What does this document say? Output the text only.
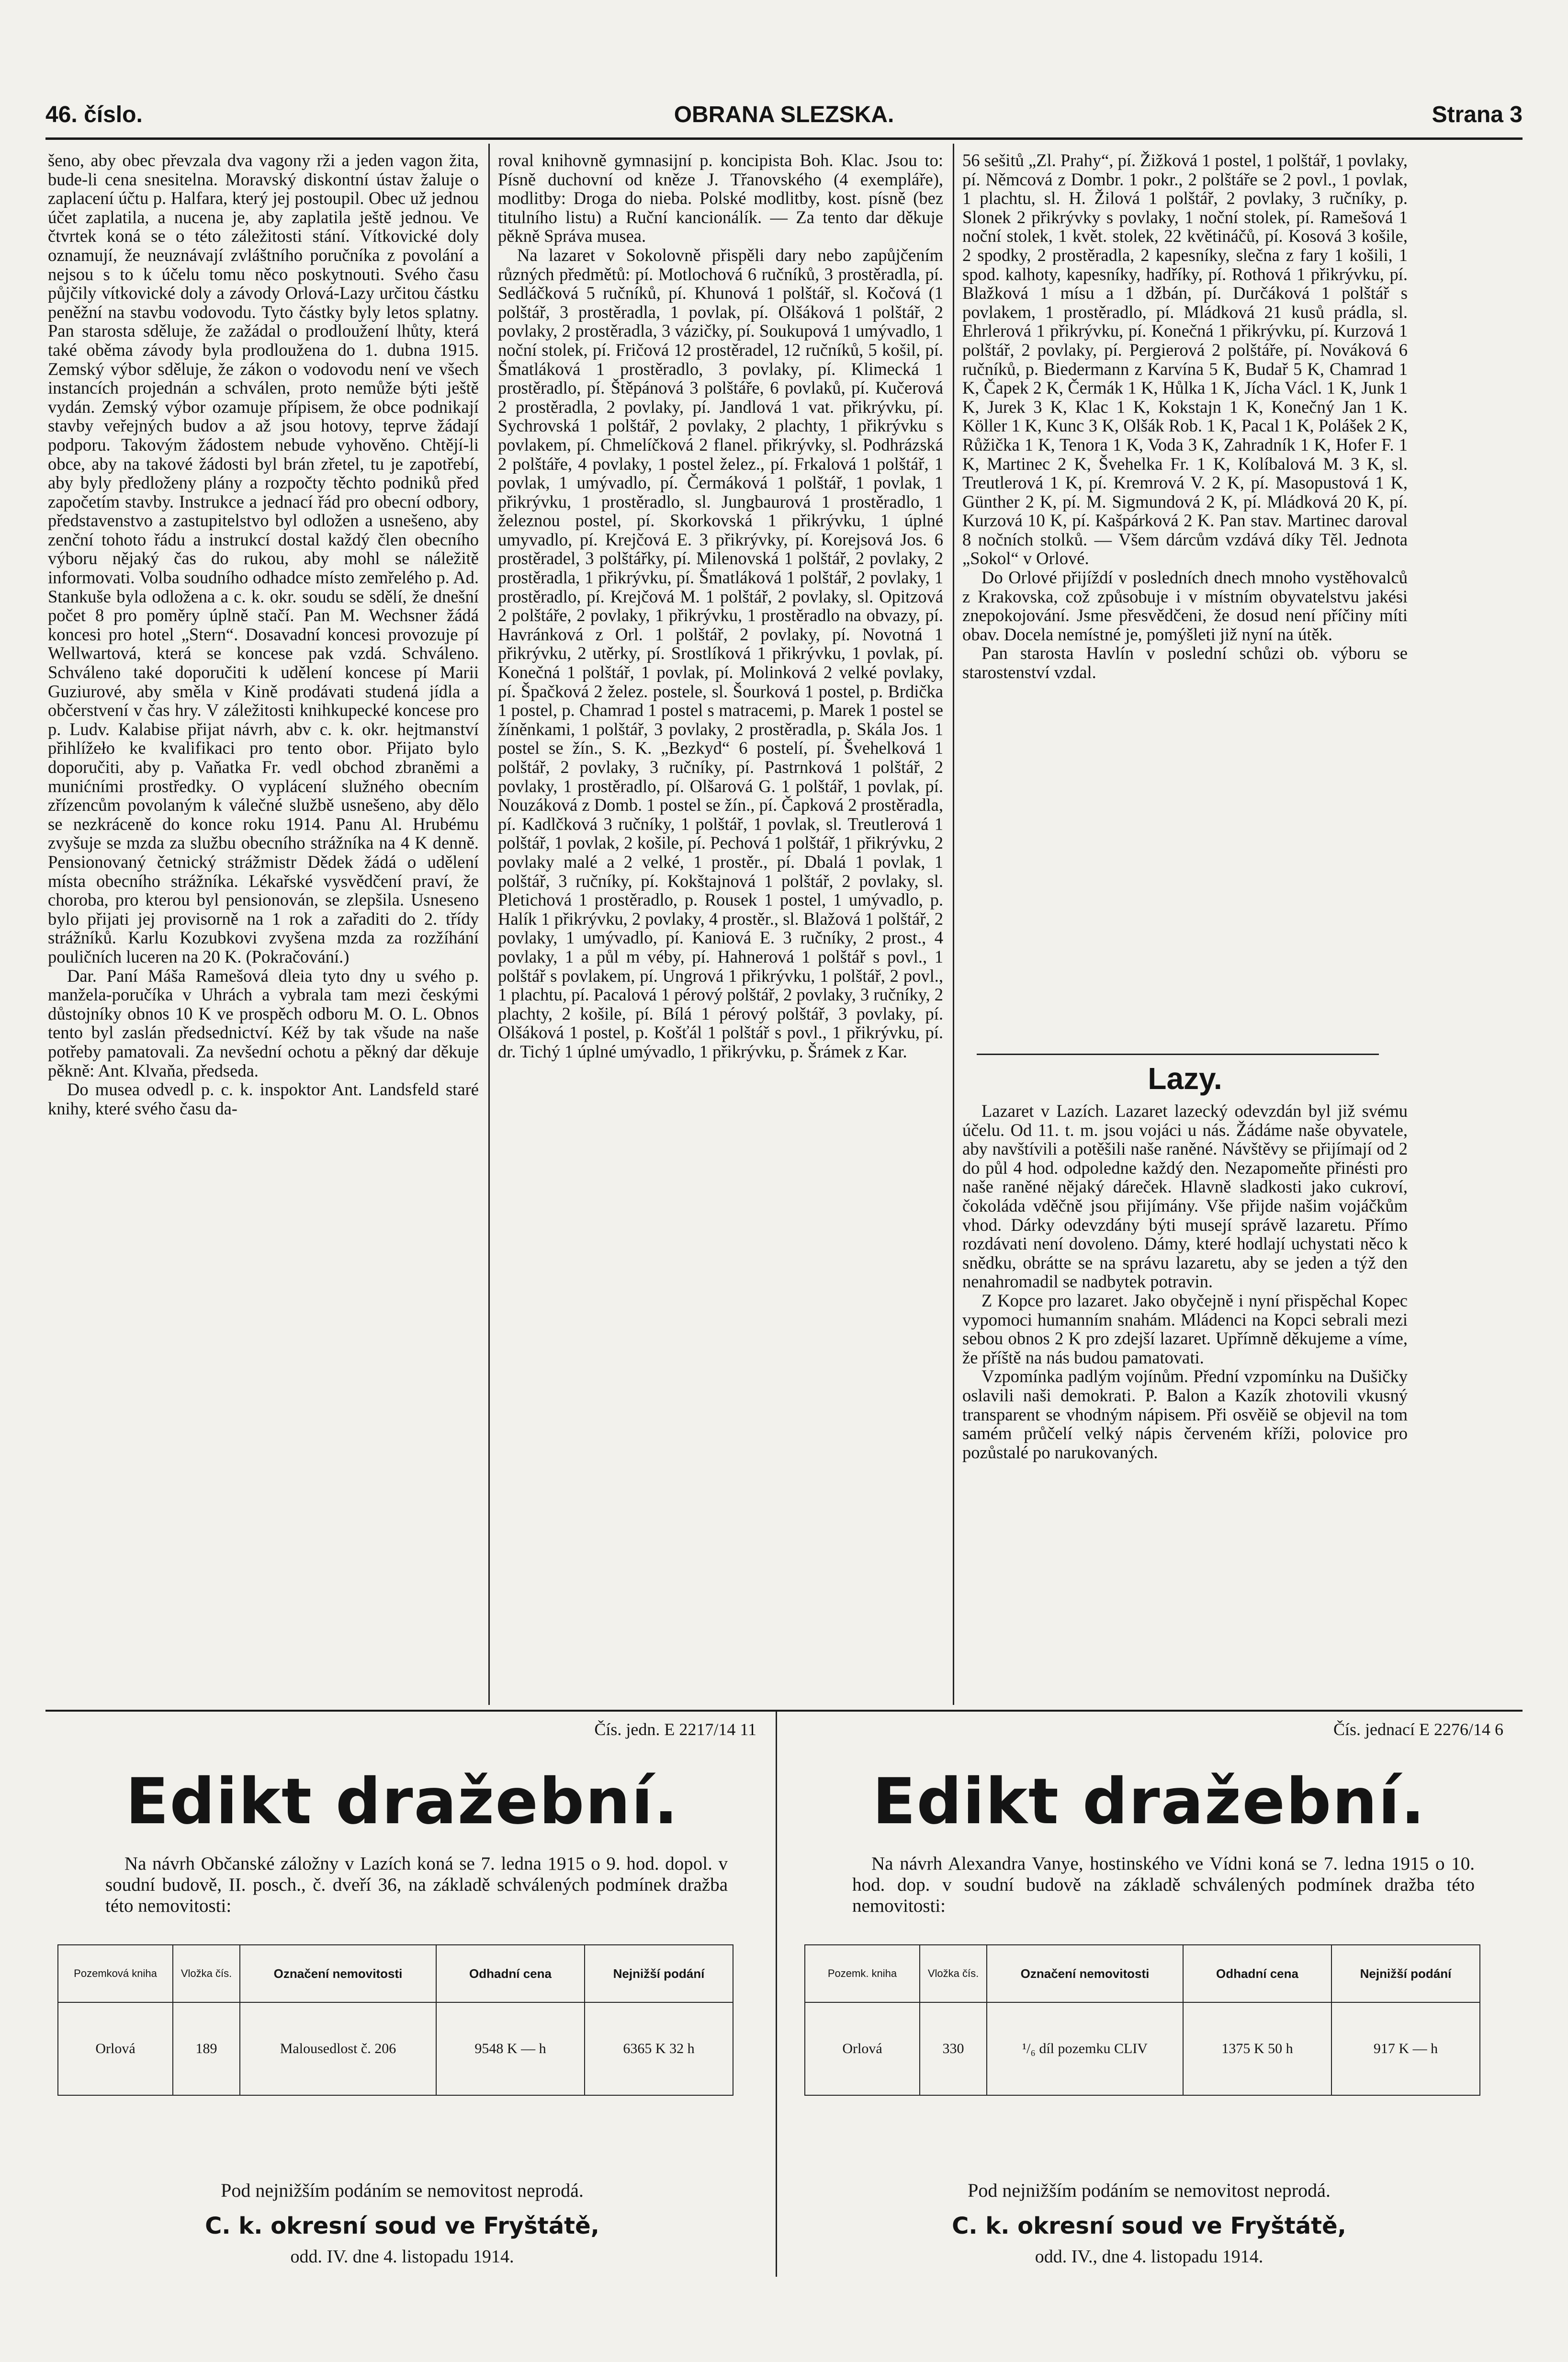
46. číslo.	OBRANA SLEZSKA.	Strana 3

šeno, aby obec převzala dva vagony rži a jeden vagon žita, bude-li cena snesitelna. Moravský diskontní ústav žaluje o zaplacení účtu p. Halfara, který jej postoupil. Obec už jednou účet zaplatila, a nucena je, aby zaplatila ještě jednou. Ve čtvrtek koná se o této záležitosti stání. Vítkovické doly oznamují, že neuznávají zvláštního poručníka z povolání a nejsou s to k účelu tomu něco poskytnouti. Svého času půjčily vítkovické doly a závody Orlová-Lazy určitou částku peněžní na stavbu vodovodu. Tyto částky byly letos splatny. Pan starosta sděluje, že zažádal o prodloužení lhůty, která také oběma závody byla prodloužena do 1. dubna 1915. Zemský výbor sděluje, že zákon o vodovodu není ve všech instancích projednán a schválen, proto nemůže býti ještě vydán. Zemský výbor ozamuje přípisem, že obce podnikají stavby veřejných budov a až jsou hotovy, teprve žádají podporu. Takovým žádostem nebude vyhověno. Chtějí-li obce, aby na takové žádosti byl brán zřetel, tu je zapotřebí, aby byly předloženy plány a rozpočty těchto podniků před započetím stavby. Instrukce a jednací řád pro obecní odbory, představenstvo a zastupitelstvo byl odložen a usnešeno, aby zenční tohoto řádu a instrukcí dostal každý člen obecního výboru nějaký čas do rukou, aby mohl se náležitě informovati. Volba soudního odhadce místo zemřelého p. Ad. Stankuše byla odložena a c. k. okr. soudu se sdělí, že dnešní počet 8 pro poměry úplně stačí. Pan M. Wechsner žádá koncesi pro hotel „Stern“. Dosavadní koncesi provozuje pí Wellwartová, která se koncese pak vzdá. Schváleno. Schváleno také doporučiti k udělení koncese pí Marii Guziurové, aby směla v Kině prodávati studená jídla a občerstvení v čas hry. V záležitosti knihkupecké koncese pro p. Ludv. Kalabise přijat návrh, abv c. k. okr. hejtmanství přihlížeło ke kvalifikaci pro tento obor. Přijato bylo doporučiti, aby p. Vaňatka Fr. vedl obchod zbraněmi a munićními prostředky. O vyplácení služného obecním zřízencům povolaným k válečné službě usnešeno, aby dělo se nezkráceně do konce roku 1914. Panu Al. Hrubému zvyšuje se mzda za službu obecního strážníka na 4 K denně. Pensionovaný četnický strážmistr Dědek žádá o udělení místa obecního strážníka. Lékařské vysvědčení praví, že choroba, pro kterou byl pensionován, se zlepšila. Usneseno bylo přijati jej provisorně na 1 rok a zařaditi do 2. třídy strážníků. Karlu Kozubkovi zvyšena mzda za rozžíhání pouličních luceren na 20 K. (Pokračování.)

Dar. Paní Máša Ramešová dleia tyto dny u svého p. manžela-poručíka v Uhrách a vybrala tam mezi českými důstojníky obnos 10 K ve prospěch odboru M. O. L. Obnos tento byl zaslán předsednictví. Kéž by tak všude na naše potřeby pamatovali. Za nevšední ochotu a pěkný dar děkuje pěkně: Ant. Klvaňa, předseda.

Do musea odvedl p. c. k. inspoktor Ant. Landsfeld staré knihy, které svého času da-

roval knihovně gymnasijní p. koncipista Boh. Klac. Jsou to: Písně duchovní od kněze J. Třanovského (4 exempláře), modlitby: Droga do nieba. Polské modlitby, kost. písně (bez titulního listu) a Ruční kancionálík. — Za tento dar děkuje pěkně Správa musea.

Na lazaret v Sokolovně přispěli dary nebo zapůjčením různých předmětů: pí. Motlochová 6 ručníků, 3 prostěradla, pí. Sedláčková 5 ručníků, pí. Khunová 1 polštář, sl. Kočová (1 polštář, 3 prostěradla, 1 povlak, pí. Olšáková 1 polštář, 2 povlaky, 2 prostěradla, 3 vázičky, pí. Soukupová 1 umývadlo, 1 noční stolek, pí. Fričová 12 prostěradel, 12 ručníků, 5 košil, pí. Šmatláková 1 prostěradlo, 3 povlaky, pí. Klimecká 1 prostěradlo, pí. Štěpánová 3 polštáře, 6 povlaků, pí. Kučerová 2 prostěradla, 2 povlaky, pí. Jandlová 1 vat. přikrývku, pí. Sychrovská 1 polštář, 2 povlaky, 2 plachty, 1 přikrývku s povlakem, pí. Chmelíčková 2 flanel. přikrývky, sl. Podhrázská 2 polštáře, 4 povlaky, 1 postel želez., pí. Frkalová 1 polštář, 1 povlak, 1 umývadlo, pí. Čermáková 1 polštář, 1 povlak, 1 přikrývku, 1 prostěradlo, sl. Jungbaurová 1 prostěradlo, 1 železnou postel, pí. Skorkovská 1 přikrývku, 1 úplné umyvadlo, pí. Krejčová E. 3 přikrývky, pí. Korejsová Jos. 6 prostěradel, 3 polštářky, pí. Milenovská 1 polštář, 2 povlaky, 2 prostěradla, 1 přikrývku, pí. Šmatláková 1 polštář, 2 povlaky, 1 prostěradlo, pí. Krejčová M. 1 polštář, 2 povlaky, sl. Opitzová 2 polštáře, 2 povlaky, 1 přikrývku, 1 prostěradlo na obvazy, pí. Havránková z Orl. 1 polštář, 2 povlaky, pí. Novotná 1 přikrývku, 2 utěrky, pí. Srostlíková 1 přikrývku, 1 povlak, pí. Konečná 1 polštář, 1 povlak, pí. Molinková 2 velké povlaky, pí. Špačková 2 želez. postele, sl. Šourková 1 postel, p. Brdička 1 postel, p. Chamrad 1 postel s matracemi, p. Marek 1 postel se žíněnkami, 1 polštář, 3 povlaky, 2 prostěradla, p. Skála Jos. 1 postel se žín., S. K. „Bezkyd“ 6 postelí, pí. Švehelková 1 polštář, 2 povlaky, 3 ručníky, pí. Pastrnková 1 polštář, 2 povlaky, 1 prostěradlo, pí. Olšarová G. 1 polštář, 1 povlak, pí. Nouzáková z Domb. 1 postel se žín., pí. Čapková 2 prostěradla, pí. Kadlčková 3 ručníky, 1 polštář, 1 povlak, sl. Treutlerová 1 polštář, 1 povlak, 2 košile, pí. Pechová 1 polštář, 1 přikrývku, 2 povlaky malé a 2 velké, 1 prostěr., pí. Dbalá 1 povlak, 1 polštář, 3 ručníky, pí. Kokštajnová 1 polštář, 2 povlaky, sl. Pletichová 1 prostěradlo, p. Rousek 1 postel, 1 umývadlo, p. Halík 1 přikrývku, 2 povlaky, 4 prostěr., sl. Blažová 1 polštář, 2 povlaky, 1 umývadlo, pí. Kaniová E. 3 ručníky, 2 prost., 4 povlaky, 1 a půl m véby, pí. Hahnerová 1 polštář s povl., 1 polštář s povlakem, pí. Ungrová 1 přikrývku, 1 polštář, 2 povl., 1 plachtu, pí. Pacalová 1 pérový polštář, 2 povlaky, 3 ručníky, 2 plachty, 2 košile, pí. Bílá 1 pérový polštář, 3 povlaky, pí. Olšáková 1 postel, p. Košťál 1 polštář s povl., 1 přikrývku, pí. dr. Tichý 1 úplné umývadlo, 1 přikrývku, p. Šrámek z Kar.

56 sešitů „Zl. Prahy“, pí. Žižková 1 postel, 1 polštář, 1 povlaky, pí. Němcová z Dombr. 1 pokr., 2 polštáře se 2 povl., 1 povlak, 1 plachtu, sl. H. Žilová 1 polštář, 2 povlaky, 3 ručníky, p. Slonek 2 přikrývky s povlaky, 1 noční stolek, pí. Ramešová 1 noční stolek, 1 květ. stolek, 22 květináčů, pí. Kosová 3 košile, 2 spodky, 2 prostěradla, 2 kapesníky, slečna z fary 1 košili, 1 spod. kalhoty, kapesníky, hadříky, pí. Rothová 1 přikrývku, pí. Blažková 1 mísu a 1 džbán, pí. Durčáková 1 polštář s povlakem, 1 prostěradlo, pí. Mládková 21 kusů prádla, sl. Ehrlerová 1 přikrývku, pí. Konečná 1 přikrývku, pí. Kurzová 1 polštář, 2 povlaky, pí. Pergierová 2 polštáře, pí. Nováková 6 ručníků, p. Biedermann z Karvína 5 K, Budař 5 K, Chamrad 1 K, Čapek 2 K, Čermák 1 K, Hůlka 1 K, Jícha Václ. 1 K, Junk 1 K, Jurek 3 K, Klac 1 K, Kokstajn 1 K, Konečný Jan 1 K. Köller 1 K, Kunc 3 K, Olšák Rob. 1 K, Pacal 1 K, Polášek 2 K, Růžička 1 K, Tenora 1 K, Voda 3 K, Zahradník 1 K, Hofer F. 1 K, Martinec 2 K, Švehelka Fr. 1 K, Kolíbalová M. 3 K, sl. Treutlerová 1 K, pí. Kremrová V. 2 K, pí. Masopustová 1 K, Günther 2 K, pí. M. Sigmundová 2 K, pí. Mládková 20 K, pí. Kurzová 10 K, pí. Kašpárková 2 K. Pan stav. Martinec daroval 8 nočních stolků. — Všem dárcům vzdává díky Těl. Jednota „Sokol“ v Orlové.

Do Orlové přijíždí v posledních dnech mnoho vystěhovalců z Krakovska, což způsobuje i v místním obyvatelstvu jakési znepokojování. Jsme přesvědčeni, že dosud není příčiny míti obav. Docela nemístné je, pomýšleti již nyní na útěk.

Pan starosta Havlín v poslední schůzi ob. výboru se starostenství vzdal.

Lazy.

Lazaret v Lazích. Lazaret lazecký odevzdán byl již svému účelu. Od 11. t. m. jsou vojáci u nás. Žádáme naše obyvatele, aby navštívili a potěšili naše raněné. Návštěvy se přijímají od 2 do půl 4 hod. odpoledne každý den. Nezapomeňte přinésti pro naše raněné nějaký dáreček. Hlavně sladkosti jako cukroví, čokoláda vděčně jsou přijímány. Vše přijde našim vojáčkům vhod. Dárky odevzdány býti musejí správě lazaretu. Přímo rozdávati není dovoleno. Dámy, které hodlají uchystati něco k snědku, obrátte se na správu lazaretu, aby se jeden a týž den nenahromadil se nadbytek potravin.

Z Kopce pro lazaret. Jako obyčejně i nyní přispěchal Kopec vypomoci humanním snahám. Mládenci na Kopci sebrali mezi sebou obnos 2 K pro zdejší lazaret. Upřímně děkujeme a víme, že příště na nás budou pamatovati.

Vzpomínka padlým vojínům. Přední vzpomínku na Dušičky oslavili naši demokrati. P. Balon a Kazík zhotovili vkusný transparent se vhodným nápisem. Při osvěiě se objevil na tom samém průčelí velký nápis červeném kříži, polovice pro pozůstalé po narukovaných.

Čís. jedn. E 2217/14 11
Edikt dražební.

Na návrh Občanské záložny v Lazích koná se 7. ledna 1915 o 9. hod. dopol. v soudní budově, II. posch., č. dveří 36, na základě schválených podmínek dražba této nemovitosti:

Pozemková kniha	Vložka čís.	Označení nemovitosti	Odhadní cena	Nejnižší podání
Orlová	189	Malousedlost č. 206	9548 K — h	6365 K 32 h
Pod nejnižším podáním se nemovitost neprodá.
C. k. okresní soud ve Fryštátě,
odd. IV. dne 4. listopadu 1914.
Čís. jednací E 2276/14 6
Edikt dražební.

Na návrh Alexandra Vanye, hostinského ve Vídni koná se 7. ledna 1915 o 10. hod. dop. v soudní budově na základě schválených podmínek dražba této nemovitosti:

Pozemk. kniha	Vložka čís.	Označení nemovitosti	Odhadní cena	Nejnižší podání
Orlová	330	¹/₆ díl pozemku CLIV	1375 K 50 h	917 K — h
Pod nejnižším podáním se nemovitost neprodá.
C. k. okresní soud ve Fryštátě,
odd. IV., dne 4. listopadu 1914.
